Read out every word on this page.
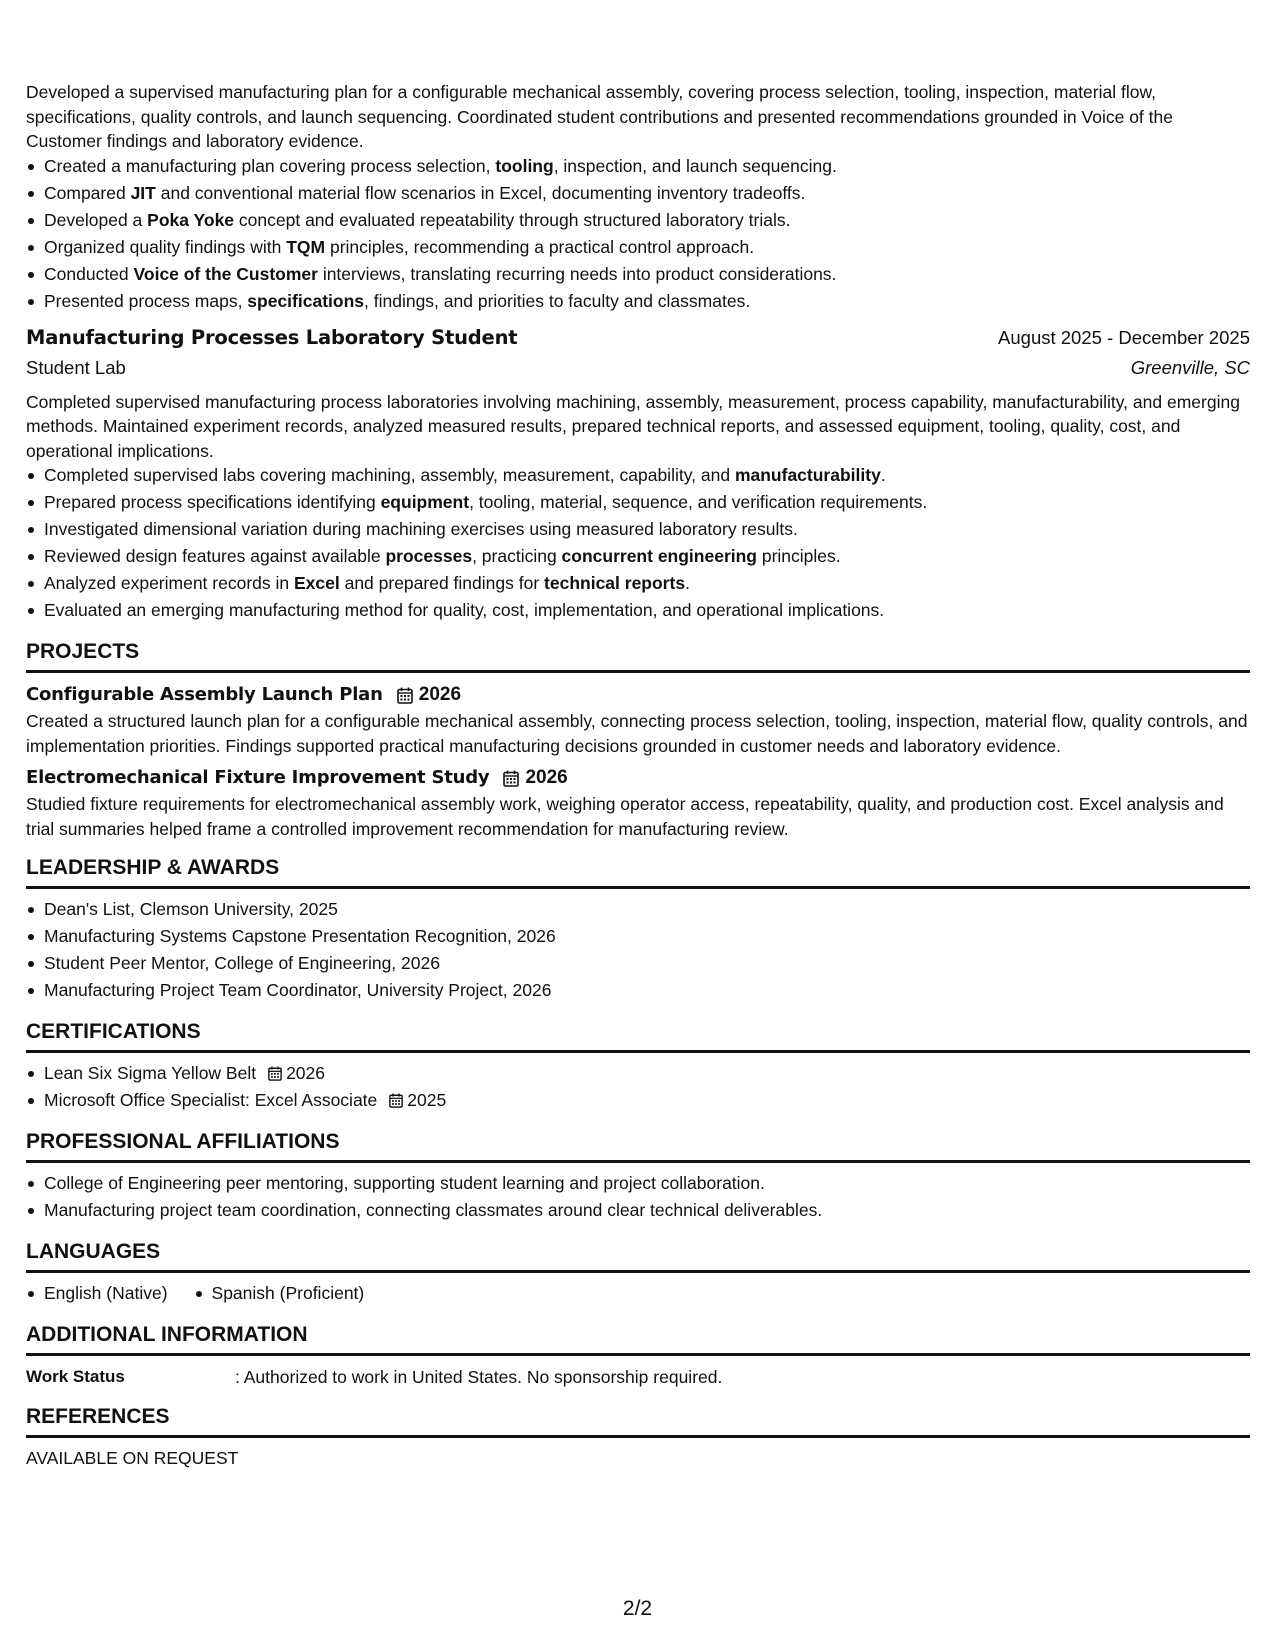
Developed a supervised manufacturing plan for a configurable mechanical assembly, covering process selection, tooling, inspection, material flow, specifications, quality controls, and launch sequencing. Coordinated student contributions and presented recommendations grounded in Voice of the Customer findings and laboratory evidence.

Created a manufacturing plan covering process selection, tooling, inspection, and launch sequencing.
Compared JIT and conventional material flow scenarios in Excel, documenting inventory tradeoffs.
Developed a Poka Yoke concept and evaluated repeatability through structured laboratory trials.
Organized quality findings with TQM principles, recommending a practical control approach.
Conducted Voice of the Customer interviews, translating recurring needs into product considerations.
Presented process maps, specifications, findings, and priorities to faculty and classmates.
Manufacturing Processes Laboratory Student	August 2025 - December 2025
Student Lab	Greenville, SC

Completed supervised manufacturing process laboratories involving machining, assembly, measurement, process capability, manufacturability, and emerging methods. Maintained experiment records, analyzed measured results, prepared technical reports, and assessed equipment, tooling, quality, cost, and operational implications.

Completed supervised labs covering machining, assembly, measurement, capability, and manufacturability.
Prepared process specifications identifying equipment, tooling, material, sequence, and verification requirements.
Investigated dimensional variation during machining exercises using measured laboratory results.
Reviewed design features against available processes, practicing concurrent engineering principles.
Analyzed experiment records in Excel and prepared findings for technical reports.
Evaluated an emerging manufacturing method for quality, cost, implementation, and operational implications.
PROJECTS
Configurable Assembly Launch Plan 2026

Created a structured launch plan for a configurable mechanical assembly, connecting process selection, tooling, inspection, material flow, quality controls, and implementation priorities. Findings supported practical manufacturing decisions grounded in customer needs and laboratory evidence.

Electromechanical Fixture Improvement Study 2026

Studied fixture requirements for electromechanical assembly work, weighing operator access, repeatability, quality, and production cost. Excel analysis and trial summaries helped frame a controlled improvement recommendation for manufacturing review.

LEADERSHIP & AWARDS
Dean's List, Clemson University, 2025
Manufacturing Systems Capstone Presentation Recognition, 2026
Student Peer Mentor, College of Engineering, 2026
Manufacturing Project Team Coordinator, University Project, 2026
CERTIFICATIONS
Lean Six Sigma Yellow Belt 2026
Microsoft Office Specialist: Excel Associate 2025
PROFESSIONAL AFFILIATIONS
College of Engineering peer mentoring, supporting student learning and project collaboration.
Manufacturing project team coordination, connecting classmates around clear technical deliverables.
LANGUAGES
English (Native)	Spanish (Proficient)
ADDITIONAL INFORMATION
Work Status	: Authorized to work in United States. No sponsorship required.
REFERENCES
AVAILABLE ON REQUEST
2/2
